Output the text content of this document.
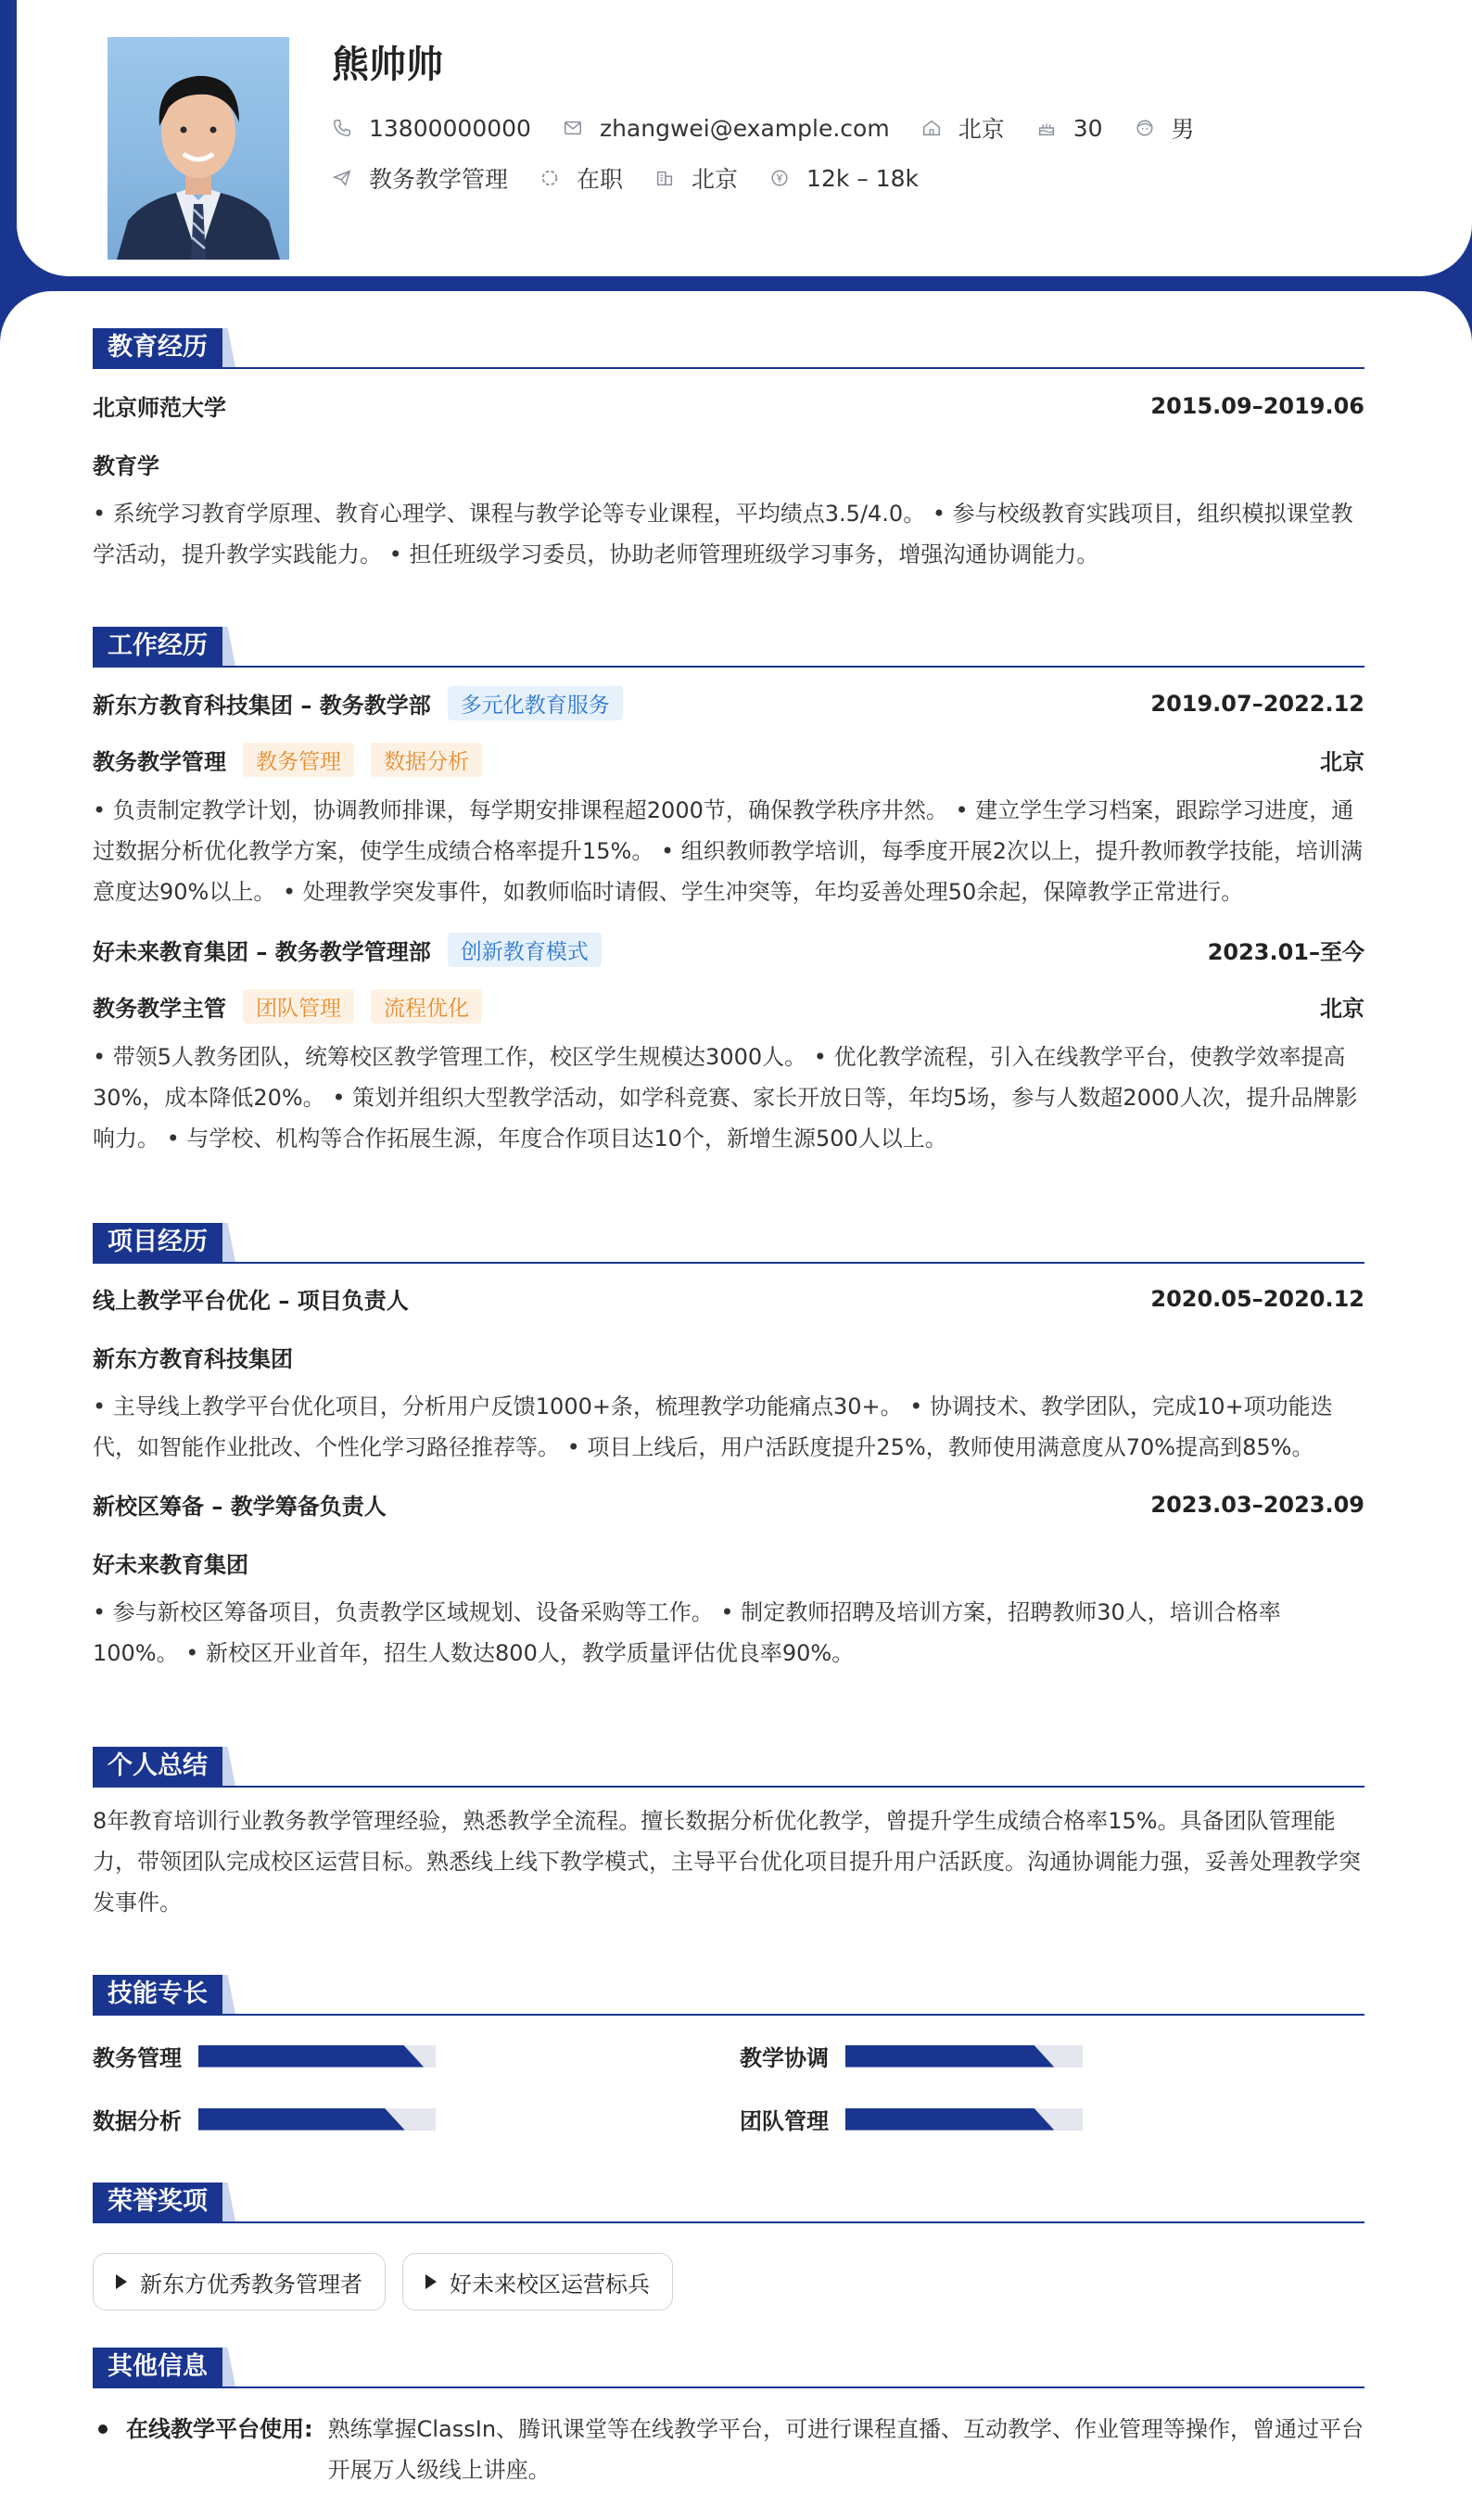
熊帅帅
13800000000	zhangwei@example.com	北京	30	男
教务教学管理	在职	北京	12k – 18k
教育经历
北京师范大学	2015.09–2019.06
教育学
• 系统学习教育学原理、教育心理学、课程与教学论等专业课程，平均绩点3.5/4.0。 • 参与校级教育实践项目，组织模拟课堂教学活动，提升教学实践能力。 • 担任班级学习委员，协助老师管理班级学习事务，增强沟通协调能力。
工作经历
新东方教育科技集团 – 教务教学部	多元化教育服务	2019.07–2022.12
教务教学管理	教务管理	数据分析	北京
• 负责制定教学计划，协调教师排课，每学期安排课程超2000节，确保教学秩序井然。 • 建立学生学习档案，跟踪学习进度，通过数据分析优化教学方案，使学生成绩合格率提升15%。 • 组织教师教学培训，每季度开展2次以上，提升教师教学技能，培训满意度达90%以上。 • 处理教学突发事件，如教师临时请假、学生冲突等，年均妥善处理50余起，保障教学正常进行。
好未来教育集团 – 教务教学管理部	创新教育模式	2023.01–至今
教务教学主管	团队管理	流程优化	北京
• 带领5人教务团队，统筹校区教学管理工作，校区学生规模达3000人。 • 优化教学流程，引入在线教学平台，使教学效率提高30%，成本降低20%。 • 策划并组织大型教学活动，如学科竞赛、家长开放日等，年均5场，参与人数超2000人次，提升品牌影响力。 • 与学校、机构等合作拓展生源，年度合作项目达10个，新增生源500人以上。
项目经历
线上教学平台优化 – 项目负责人	2020.05–2020.12
新东方教育科技集团
• 主导线上教学平台优化项目，分析用户反馈1000+条，梳理教学功能痛点30+。 • 协调技术、教学团队，完成10+项功能迭代，如智能作业批改、个性化学习路径推荐等。 • 项目上线后，用户活跃度提升25%，教师使用满意度从70%提高到85%。
新校区筹备 – 教学筹备负责人	2023.03–2023.09
好未来教育集团
• 参与新校区筹备项目，负责教学区域规划、设备采购等工作。 • 制定教师招聘及培训方案，招聘教师30人，培训合格率100%。 • 新校区开业首年，招生人数达800人，教学质量评估优良率90%。
个人总结
8年教育培训行业教务教学管理经验，熟悉教学全流程。擅长数据分析优化教学，曾提升学生成绩合格率15%。具备团队管理能力，带领团队完成校区运营目标。熟悉线上线下教学模式，主导平台优化项目提升用户活跃度。沟通协调能力强，妥善处理教学突发事件。
技能专长
教务管理	教学协调
数据分析	团队管理
荣誉奖项
新东方优秀教务管理者	好未来校区运营标兵
其他信息
在线教学平台使用: 熟练掌握ClassIn、腾讯课堂等在线教学平台，可进行课程直播、互动教学、作业管理等操作，曾通过平台开展万人级线上讲座。
